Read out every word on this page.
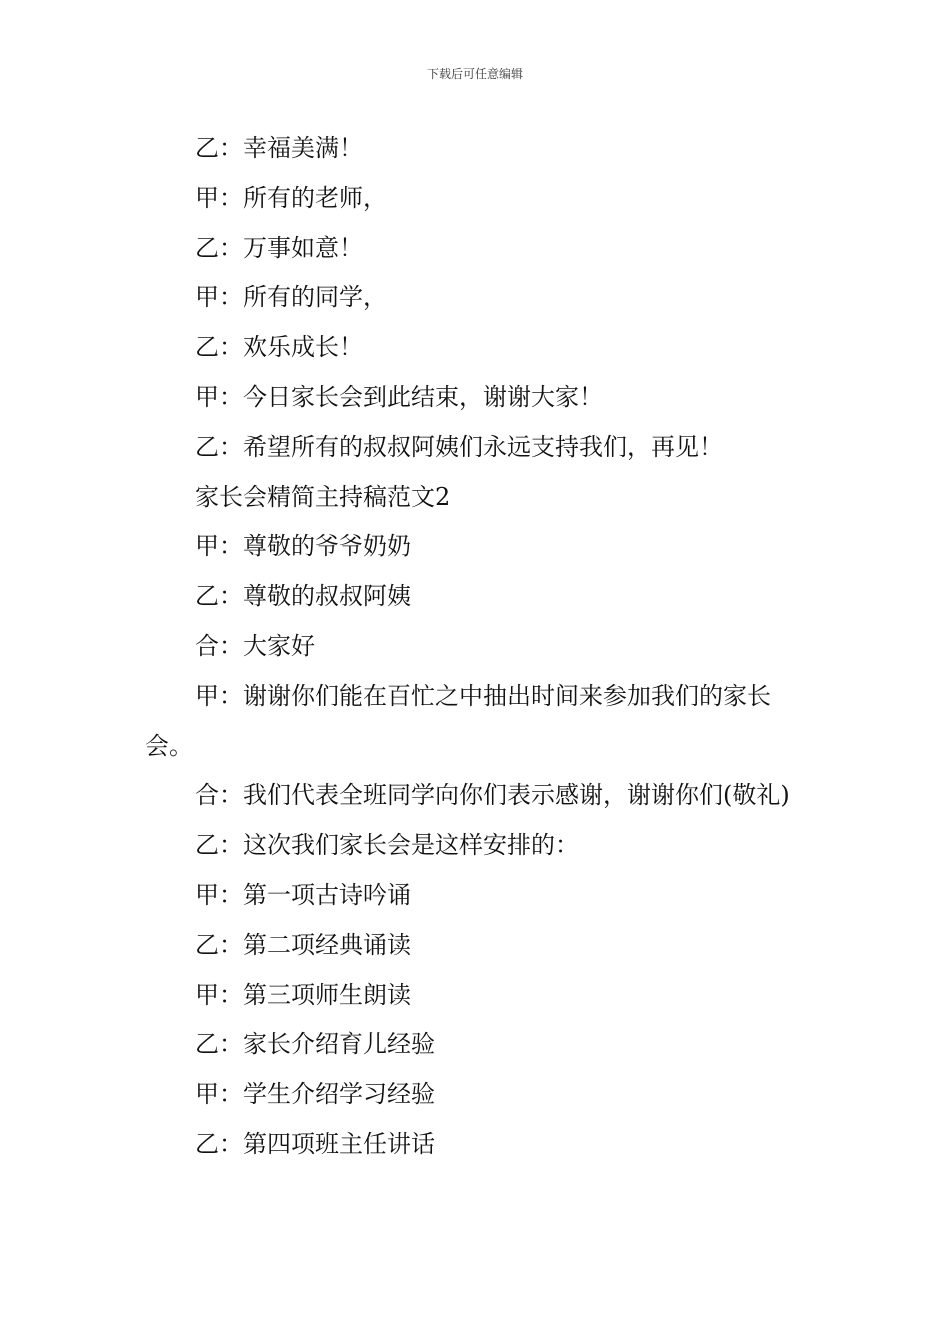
下载后可任意编辑

乙：幸福美满！

甲：所有的老师，

乙：万事如意！

甲：所有的同学，

乙：欢乐成长！

甲：今日家长会到此结束，谢谢大家！

乙：希望所有的叔叔阿姨们永远支持我们，再见！

家长会精简主持稿范文2

甲：尊敬的爷爷奶奶

乙：尊敬的叔叔阿姨

合：大家好

甲：谢谢你们能在百忙之中抽出时间来参加我们的家长会。

合：我们代表全班同学向你们表示感谢，谢谢你们(敬礼)

乙：这次我们家长会是这样安排的：

甲：第一项古诗吟诵

乙：第二项经典诵读

甲：第三项师生朗读

乙：家长介绍育儿经验

甲：学生介绍学习经验

乙：第四项班主任讲话
